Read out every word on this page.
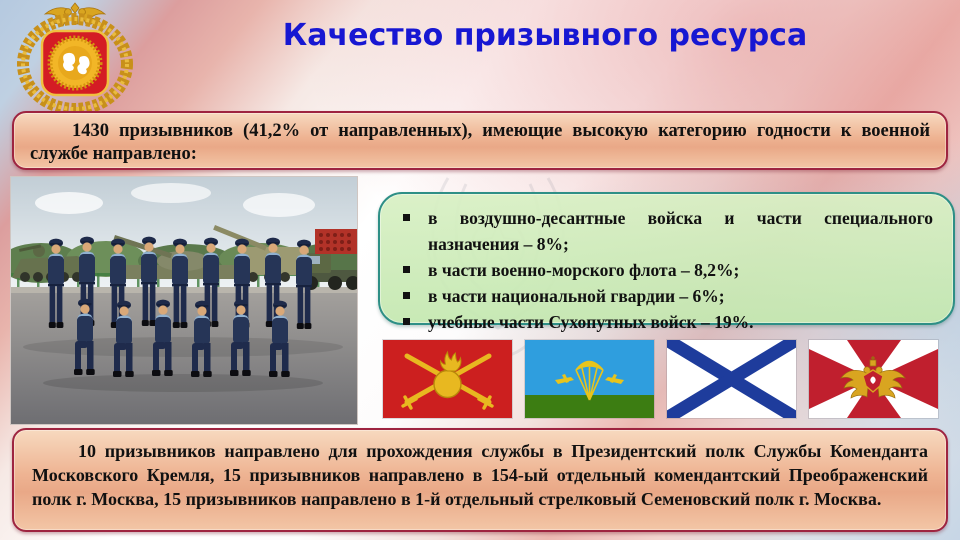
Качество призывного ресурса

1430 призывников (41,2% от направленных), имеющие высокую категорию годности к военной службе направлено:

в воздушно-десантные войска и части специального назначения – 8%;
в части военно-морского флота – 8,2%;
в части национальной гвардии – 6%;
учебные части Сухопутных войск – 19%.

10 призывников направлено для прохождения службы в Президентский полк Службы Коменданта Московского Кремля, 15 призывников направлено в 154-ый отдельный комендантский Преображенский полк г. Москва, 15 призывников направлено в 1-й отдельный стрелковый Семеновский полк г. Москва.
